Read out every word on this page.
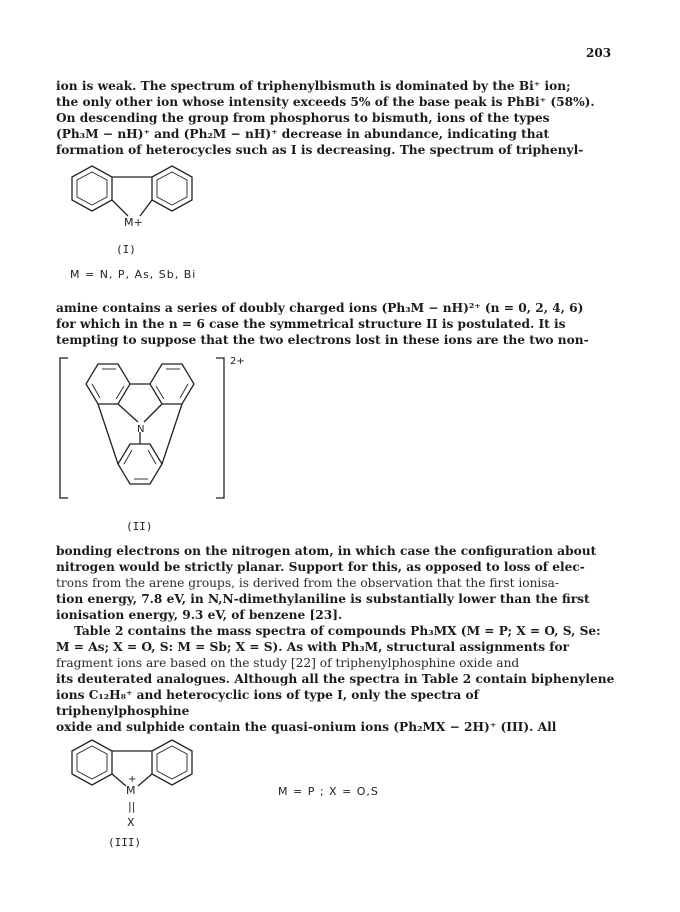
203

ion is weak. The spectrum of triphenylbismuth is dominated by the Bi⁺ ion;

the only other ion whose intensity exceeds 5% of the base peak is PhBi⁺ (58%).

On descending the group from phosphorus to bismuth, ions of the types

(Ph₃M − nH)⁺ and (Ph₂M − nH)⁺ decrease in abundance, indicating that

formation of heterocycles such as I is decreasing. The spectrum of triphenyl-

M+
(I)
M = N, P, As, Sb, Bi

amine contains a series of doubly charged ions (Ph₃M − nH)²⁺ (n = 0, 2, 4, 6)

for which in the n = 6 case the symmetrical structure II is postulated. It is

tempting to suppose that the two electrons lost in these ions are the two non-

N
2+
(II)

bonding electrons on the nitrogen atom, in which case the configuration about

nitrogen would be strictly planar. Support for this, as opposed to loss of elec-

trons from the arene groups, is derived from the observation that the first ionisa-

tion energy, 7.8 eV, in N,N-dimethylaniline is substantially lower than the first

ionisation energy, 9.3 eV, of benzene [23].

Table 2 contains the mass spectra of compounds Ph₃MX (M = P; X = O, S, Se:

M = As; X = O, S: M = Sb; X = S). As with Ph₃M, structural assignments for

fragment ions are based on the study [22] of triphenylphosphine oxide and

its deuterated analogues. Although all the spectra in Table 2 contain biphenylene

ions C₁₂H₈⁺ and heterocyclic ions of type I, only the spectra of triphenylphosphine

oxide and sulphide contain the quasi-onium ions (Ph₂MX − 2H)⁺ (III). All

+
M
||
X
(III)
M = P ; X = O,S
